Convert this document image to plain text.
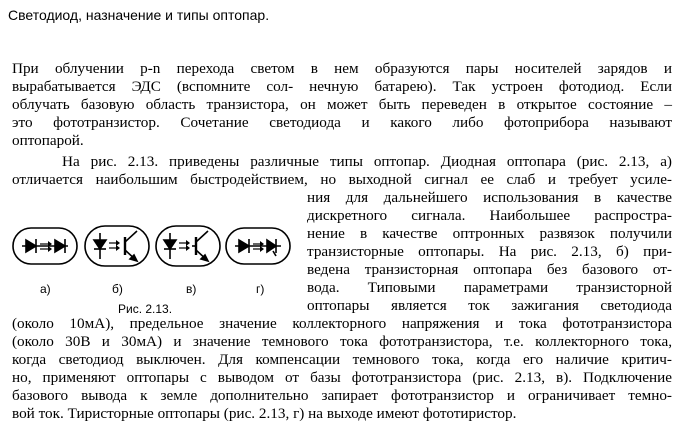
Светодиод, назначение и типы оптопар.
При облучении p-n перехода светом в нем образуются пары носителей зарядов и
вырабатывается ЭДС (вспомните сол- нечную батарею). Так устроен фотодиод. Если
облучать базовую область транзистора, он может быть переведен в открытое состояние –
это фототранзистор. Сочетание светодиода и какого либо фотоприбора называют
оптопарой.
На рис. 2.13. приведены различные типы оптопар. Диодная оптопара (рис. 2.13, а)
отличается наибольшим быстродействием, но выходной сигнал ее слаб и требует усиле-
ния для дальнейшего использования в качестве
дискретного сигнала. Наибольшее распростра-
нение в качестве оптронных развязок получили
транзисторные оптопары. На рис. 2.13, б) при-
ведена транзисторная оптопара без базового от-
вода. Типовыми параметрами транзисторной
оптопары является ток зажигания светодиода
(около 10мА), предельное значение коллекторного напряжения и тока фототранзистора
(около 30В и 30мА) и значение темнового тока фототранзистора, т.е. коллекторного тока,
когда светодиод выключен. Для компенсации темнового тока, когда его наличие критич-
но, применяют оптопары с выводом от базы фототранзистора (рис. 2.13, в). Подключение
базового вывода к земле дополнительно запирает фототранзистор и ограничивает темно-
вой ток. Тиристорные оптопары (рис. 2.13, г) на выходе имеют фототиристор.
а)	б)	в)	г)
Рис. 2.13.
